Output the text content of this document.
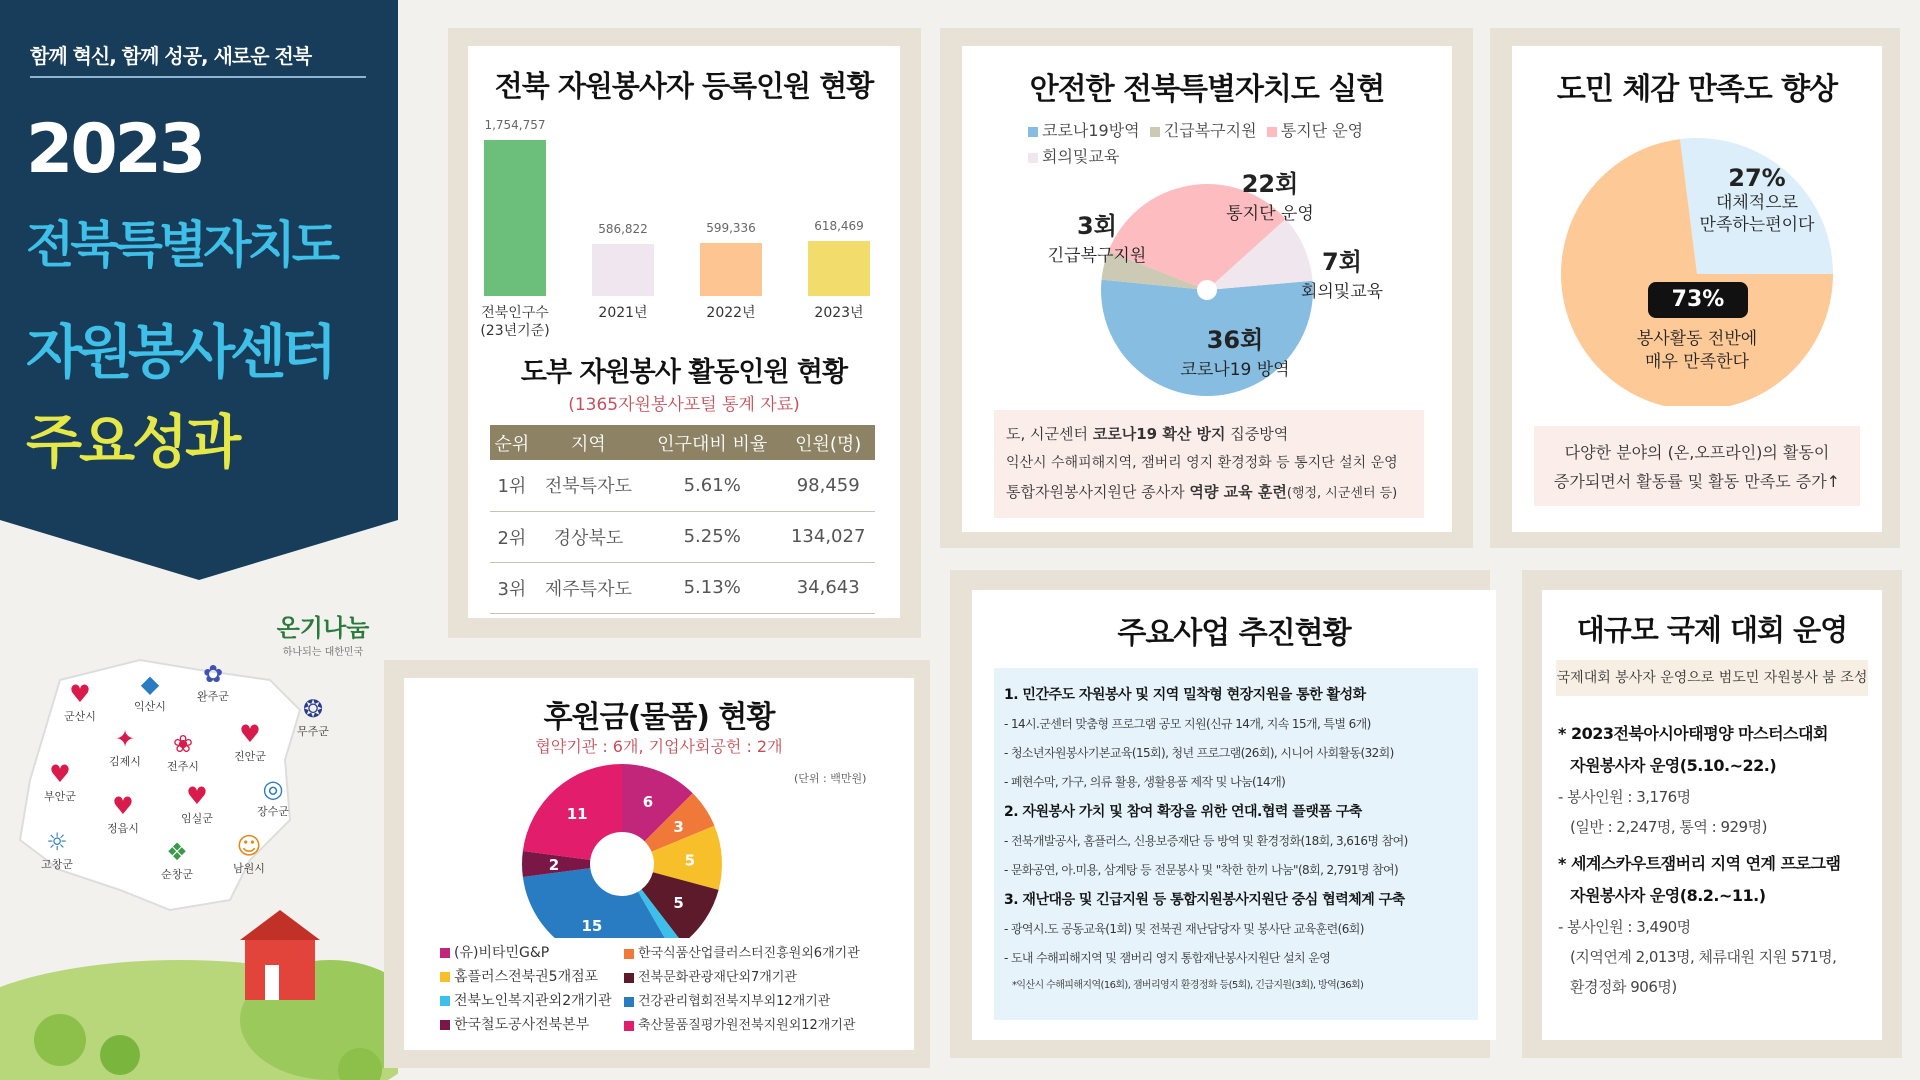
함께 혁신, 함께 성공, 새로운 전북
2023
전북특별자치도
자원봉사센터
주요성과
온기나눔
하나되는 대한민국
♥
군산시
◆
익산시
✿
완주군	❂
무주군
✦
김제시
❀
전주시
♥
진안군
♥
부안군	♥
정읍시
♥
임실군
◎
장수군
☼
고창군	❖
순창군
☺
남원시
전북 자원봉사자 등록인원 현황
1,754,757
전북인구수
(23년기준)
586,822
2021년
599,336
2022년
618,469
2023년
도부 자원봉사 활동인원 현황
(1365자원봉사포털 통계 자료)
순위	지역	인구대비 비율	인원(명)
1위	전북특자도	5.61%	98,459
2위	경상북도	5.25%	134,027
3위	제주특자도	5.13%	34,643
안전한 전북특별자치도 실현
코로나19방역 긴급복구지원 통지단 운영
회의및교육
22회
통지단 운영
3회
긴급복구지원	7회
회의및교육
36회
코로나19 방역
도, 시군센터 코로나19 확산 방지 집중방역
익산시 수해피해지역, 잼버리 영지 환경정화 등 통지단 설치 운영
통합자원봉사지원단 종사자 역량 교육 훈련(행정, 시군센터 등)
도민 체감 만족도 향상
27%
대체적으로
만족하는편이다
73%
봉사활동 전반에
매우 만족한다
다양한 분야의 (온,오프라인)의 활동이
증가되면서 활동률 및 활동 만족도 증가↑
주요사업 추진현황
1. 민간주도 자원봉사 및 지역 밀착형 현장지원을 통한 활성화
- 14시.군센터 맞춤형 프로그램 공모 지원(신규 14개, 지속 15개, 특별 6개)
- 청소년자원봉사기본교육(15회), 청년 프로그램(26회), 시니어 사회활동(32회)
- 폐현수막, 가구, 의류 활용, 생활용품 제작 및 나눔(14개)
2. 자원봉사 가치 및 참여 확장을 위한 연대.협력 플랫폼 구축
- 전북개발공사, 홈플러스, 신용보증재단 등 방역 및 환경정화(18회, 3,616명 참여)
- 문화공연, 아.미용, 삼계탕 등 전문봉사 및 "착한 한끼 나눔"(8회, 2,791명 참여)
3. 재난대응 및 긴급지원 등 통합지원봉사지원단 중심 협력체계 구축
- 광역시.도 공동교육(1회) 및 전북권 재난담당자 및 봉사단 교육훈련(6회)
- 도내 수해피해지역 및 잼버리 영지 통합재난봉사지원단 설치 운영
*익산시 수해피해지역(16회), 잼버리영지 환경정화 등(5회), 긴급지원(3회), 방역(36회)
후원금(물품) 현황
협약기관 : 6개, 기업사회공헌 : 2개
(단위 : 백만원)
6
3
5
5
15
2
11
(유)비타민G&P	한국식품산업클러스터진흥원외6개기관
홈플러스전북권5개점포	전북문화관광재단외7개기관
전북노인복지관외2개기관	건강관리협회전북지부외12개기관
한국철도공사전북본부	축산물품질평가원전북지원외12개기관
대규모 국제 대회 운영
국제대회 봉사자 운영으로 범도민 자원봉사 붐 조성
* 2023전북아시아태평양 마스터스대회
자원봉사자 운영(5.10.~22.)
- 봉사인원 : 3,176명
(일반 : 2,247명, 통역 : 929명)
* 세계스카우트잼버리 지역 연계 프로그램
자원봉사자 운영(8.2.~11.)
- 봉사인원 : 3,490명
(지역연계 2,013명, 체류대원 지원 571명,
환경정화 906명)
